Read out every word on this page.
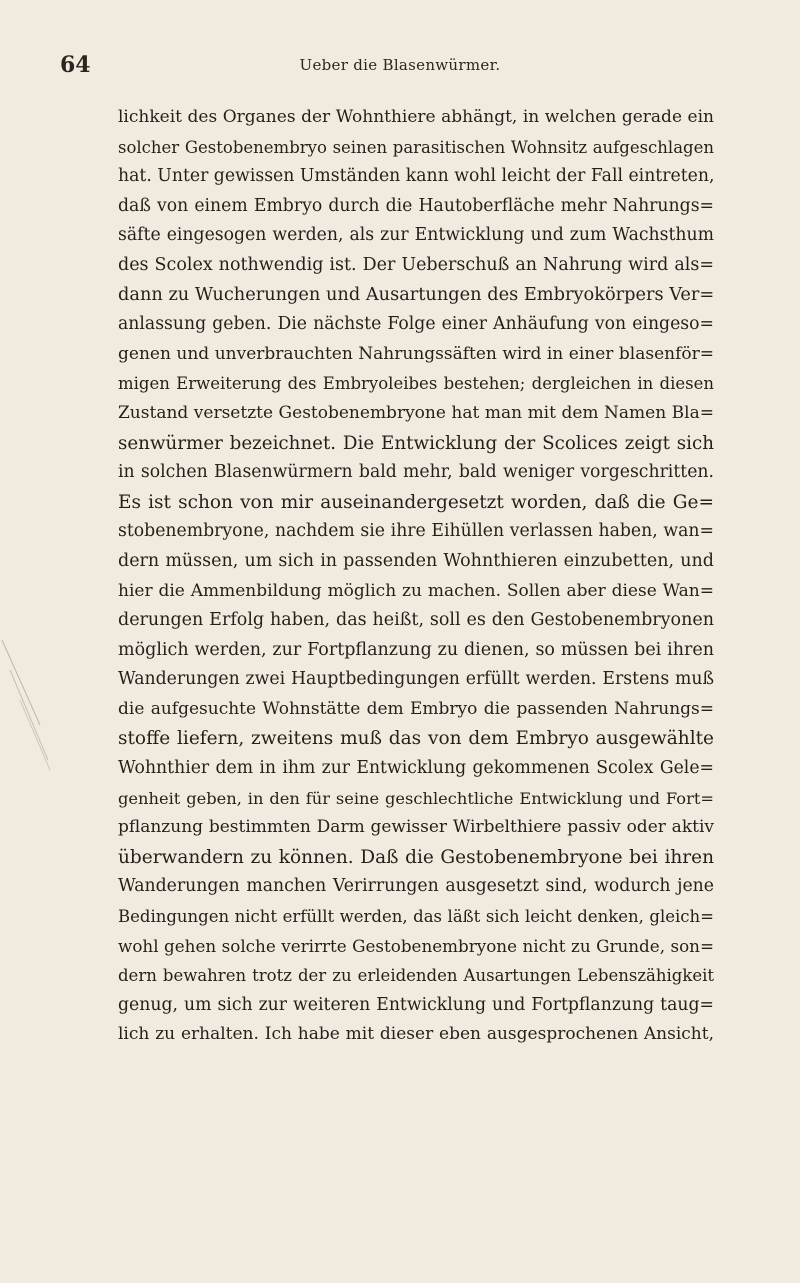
64	Ueber die Blasenwürmer.
lichkeit des Organes der Wohnthiere abhängt, in welchen gerade ein
solcher Gestobenembryo seinen parasitischen Wohnsitz aufgeschlagen
hat. Unter gewissen Umständen kann wohl leicht der Fall eintreten,
daß von einem Embryo durch die Hautoberfläche mehr Nahrungs=
säfte eingesogen werden, als zur Entwicklung und zum Wachsthum
des Scolex nothwendig ist. Der Ueberschuß an Nahrung wird als=
dann zu Wucherungen und Ausartungen des Embryokörpers Ver=
anlassung geben. Die nächste Folge einer Anhäufung von eingeso=
genen und unverbrauchten Nahrungssäften wird in einer blasenför=
migen Erweiterung des Embryoleibes bestehen; dergleichen in diesen
Zustand versetzte Gestobenembryone hat man mit dem Namen Bla=
senwürmer bezeichnet. Die Entwicklung der Scolices zeigt sich
in solchen Blasenwürmern bald mehr, bald weniger vorgeschritten.
Es ist schon von mir auseinandergesetzt worden, daß die Ge=
stobenembryone, nachdem sie ihre Eihüllen verlassen haben, wan=
dern müssen, um sich in passenden Wohnthieren einzubetten, und
hier die Ammenbildung möglich zu machen. Sollen aber diese Wan=
derungen Erfolg haben, das heißt, soll es den Gestobenembryonen
möglich werden, zur Fortpflanzung zu dienen, so müssen bei ihren
Wanderungen zwei Hauptbedingungen erfüllt werden. Erstens muß
die aufgesuchte Wohnstätte dem Embryo die passenden Nahrungs=
stoffe liefern, zweitens muß das von dem Embryo ausgewählte
Wohnthier dem in ihm zur Entwicklung gekommenen Scolex Gele=
genheit geben, in den für seine geschlechtliche Entwicklung und Fort=
pflanzung bestimmten Darm gewisser Wirbelthiere passiv oder aktiv
überwandern zu können. Daß die Gestobenembryone bei ihren
Wanderungen manchen Verirrungen ausgesetzt sind, wodurch jene
Bedingungen nicht erfüllt werden, das läßt sich leicht denken, gleich=
wohl gehen solche verirrte Gestobenembryone nicht zu Grunde, son=
dern bewahren trotz der zu erleidenden Ausartungen Lebenszähigkeit
genug, um sich zur weiteren Entwicklung und Fortpflanzung taug=
lich zu erhalten. Ich habe mit dieser eben ausgesprochenen Ansicht,
